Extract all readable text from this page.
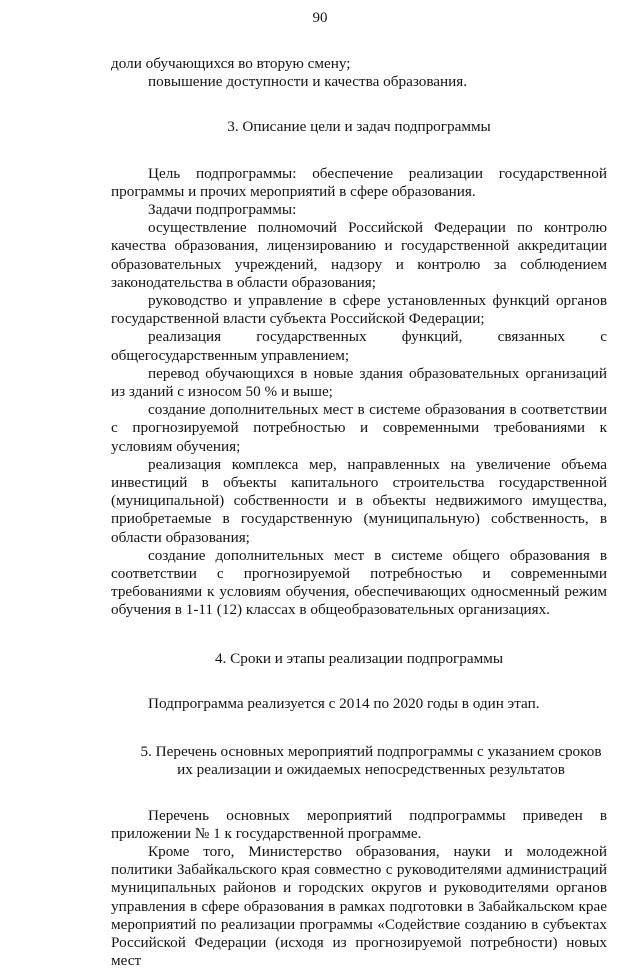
90

доли обучающихся во вторую смену;

повышение доступности и качества образования.

3. Описание цели и задач подпрограммы

Цель подпрограммы: обеспечение реализации государственной программы и прочих мероприятий в сфере образования.

Задачи подпрограммы:

осуществление полномочий Российской Федерации по контролю качества образования, лицензированию и государственной аккредитации образовательных учреждений, надзору и контролю за соблюдением законодательства в области образования;

руководство и управление в сфере установленных функций органов государственной власти субъекта Российской Федерации;

реализация государственных функций, связанных с общегосударственным управлением;

перевод обучающихся в новые здания образовательных организаций из зданий с износом 50 % и выше;

создание дополнительных мест в системе образования в соответствии с прогнозируемой потребностью и современными требованиями к условиям обучения;

реализация комплекса мер, направленных на увеличение объема инвестиций в объекты капитального строительства государственной (муниципальной) собственности и в объекты недвижимого имущества, приобретаемые в государственную (муниципальную) собственность, в области образования;

создание дополнительных мест в системе общего образования в соответствии с прогнозируемой потребностью и современными требованиями к условиям обучения, обеспечивающих односменный режим обучения в 1-11 (12) классах в общеобразовательных организациях.

4. Сроки и этапы реализации подпрограммы

Подпрограмма реализуется с 2014 по 2020 годы в один этап.

5. Перечень основных мероприятий подпрограммы с указанием сроков
их реализации и ожидаемых непосредственных результатов

Перечень основных мероприятий подпрограммы приведен в приложении № 1 к государственной программе.

Кроме того, Министерство образования, науки и молодежной политики Забайкальского края совместно с руководителями администраций муниципальных районов и городских округов и руководителями органов управления в сфере образования в рамках подготовки в Забайкальском крае мероприятий по реализации программы «Содействие созданию в субъектах Российской Федерации (исходя из прогнозируемой потребности) новых мест
